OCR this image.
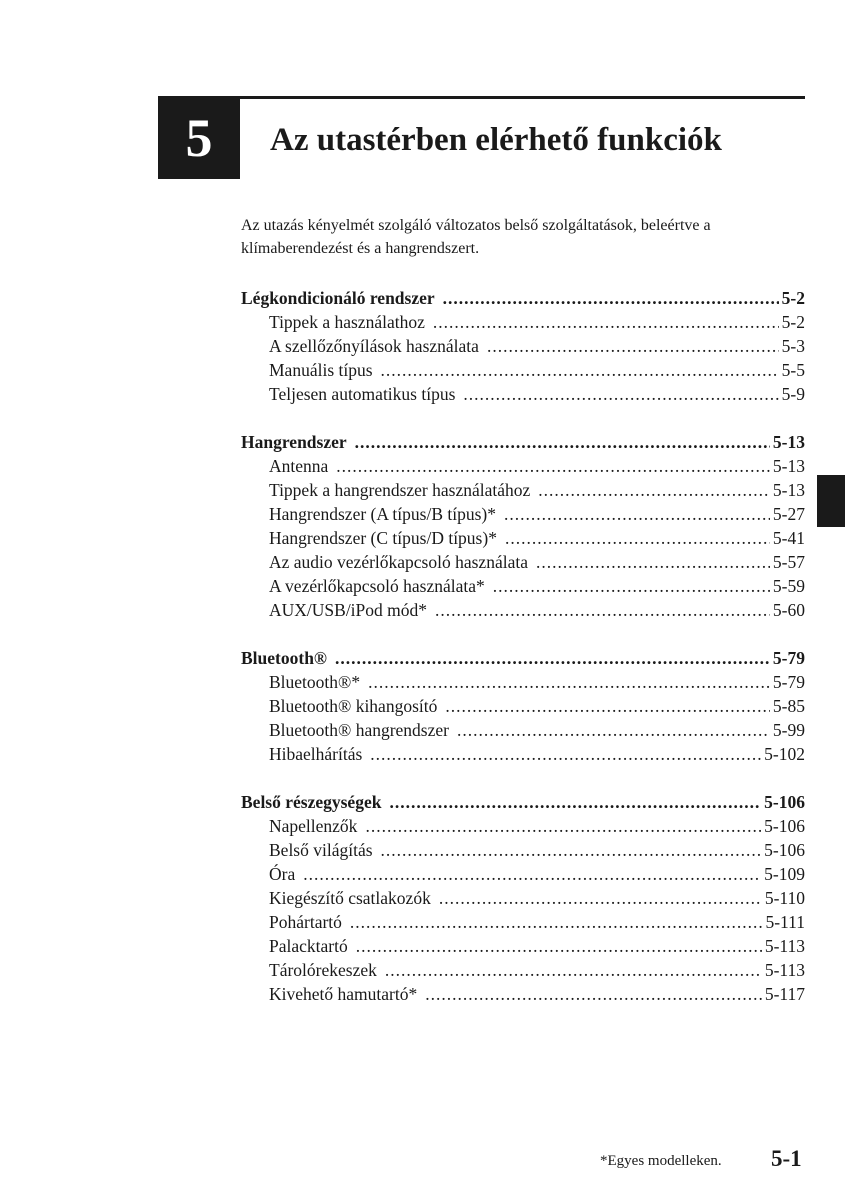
5 Az utastérben elérhető funkciók
Az utazás kényelmét szolgáló változatos belső szolgáltatások, beleértve a klímaberendezést és a hangrendszert.
Légkondicionáló rendszer .....	5-2
Tippek a használathoz .....	5-2
A szellőzőnyílások használata .....	5-3
Manuális típus .....	5-5
Teljesen automatikus típus .....	5-9
Hangrendszer .....	5-13
Antenna .....	5-13
Tippek a hangrendszer használatához .....	5-13
Hangrendszer (A típus/B típus)* .....	5-27
Hangrendszer (C típus/D típus)* .....	5-41
Az audio vezérlőkapcsoló használata .....	5-57
A vezérlőkapcsoló használata* .....	5-59
AUX/USB/iPod mód* .....	5-60
Bluetooth® .....	5-79
Bluetooth®* .....	5-79
Bluetooth® kihangosító .....	5-85
Bluetooth® hangrendszer .....	5-99
Hibaelhárítás .....	5-102
Belső részegységek .....	5-106
Napellenzők .....	5-106
Belső világítás .....	5-106
Óra .....	5-109
Kiegészítő csatlakozók .....	5-110
Pohártartó .....	5-111
Palacktartó .....	5-113
Tárolórekeszek .....	5-113
Kivehető hamutartó* .....	5-117
*Egyes modelleken. 5-1
